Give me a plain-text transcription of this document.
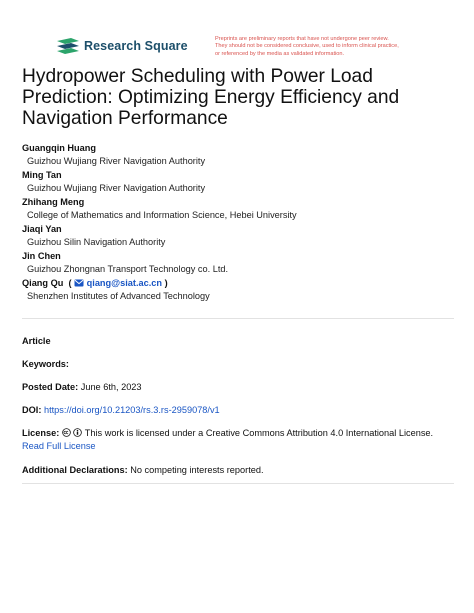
Research Square	Preprints are preliminary reports that have not undergone peer review.
They should not be considered conclusive, used to inform clinical practice,
or referenced by the media as validated information.
Hydropower Scheduling with Power Load Prediction: Optimizing Energy Efficiency and Navigation Performance
Guangqin Huang
Guizhou Wujiang River Navigation Authority
Ming Tan
Guizhou Wujiang River Navigation Authority
Zhihang Meng
College of Mathematics and Information Science, Hebei University
Jiaqi Yan
Guizhou Silin Navigation Authority
Jin Chen
Guizhou Zhongnan Transport Technology co. Ltd.
Qiang Qu  ( qiang@siat.ac.cn )
Shenzhen Institutes of Advanced Technology
Article
Keywords:
Posted Date: June 6th, 2023
DOI: https://doi.org/10.21203/rs.3.rs-2959078/v1
License:	This work is licensed under a Creative Commons Attribution 4.0 International License.
Read Full License
Additional Declarations: No competing interests reported.
